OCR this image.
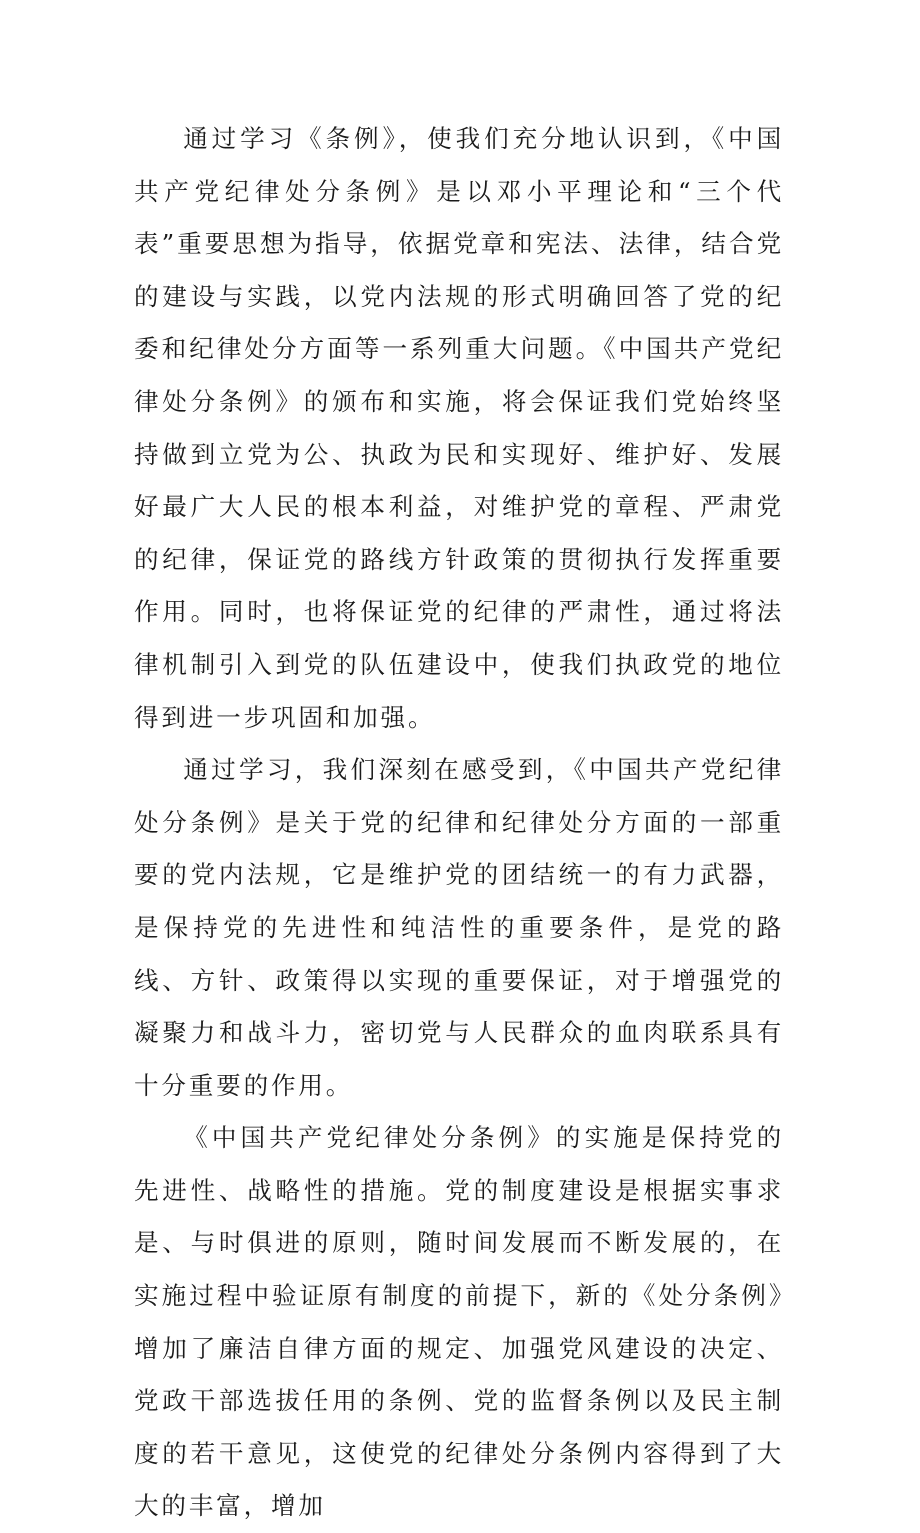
通过学习《条例》，使我们充分地认识到，《中国共产党纪律处分条例》是以邓小平理论和“三个代表”重要思想为指导，依据党章和宪法、法律，结合党的建设与实践，以党内法规的形式明确回答了党的纪委和纪律处分方面等一系列重大问题。《中国共产党纪律处分条例》的颁布和实施，将会保证我们党始终坚持做到立党为公、执政为民和实现好、维护好、发展好最广大人民的根本利益，对维护党的章程、严肃党的纪律，保证党的路线方针政策的贯彻执行发挥重要作用。同时，也将保证党的纪律的严肃性，通过将法律机制引入到党的队伍建设中，使我们执政党的地位得到进一步巩固和加强。

通过学习，我们深刻在感受到，《中国共产党纪律处分条例》是关于党的纪律和纪律处分方面的一部重要的党内法规，它是维护党的团结统一的有力武器，是保持党的先进性和纯洁性的重要条件，是党的路线、方针、政策得以实现的重要保证，对于增强党的凝聚力和战斗力，密切党与人民群众的血肉联系具有十分重要的作用。

《中国共产党纪律处分条例》的实施是保持党的先进性、战略性的措施。党的制度建设是根据实事求是、与时俱进的原则，随时间发展而不断发展的，在实施过程中验证原有制度的前提下，新的《处分条例》增加了廉洁自律方面的规定、加强党风建设的决定、党政干部选拔任用的条例、党的监督条例以及民主制度的若干意见，这使党的纪律处分条例内容得到了大大的丰富，增加
